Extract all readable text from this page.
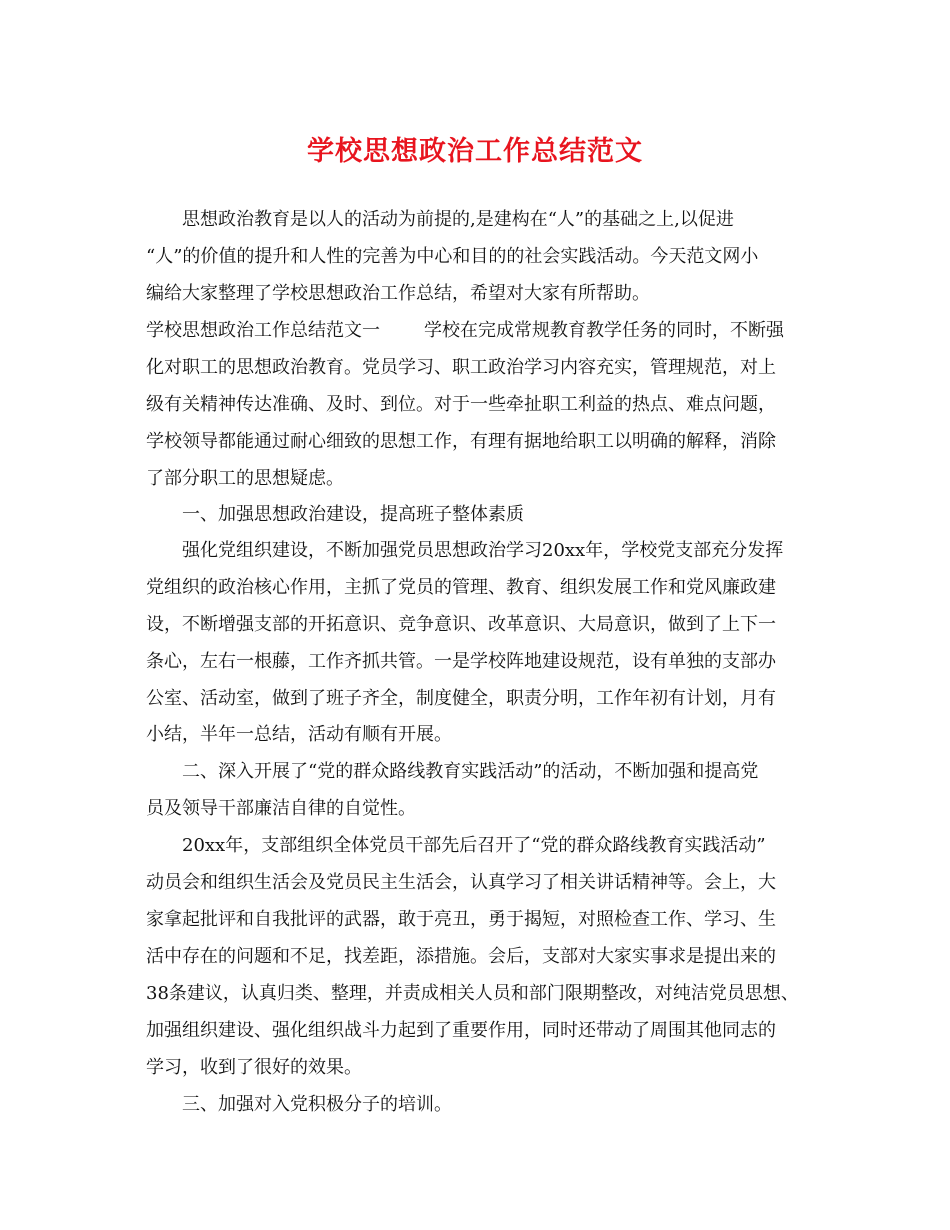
学校思想政治工作总结范文

思想政治教育是以人的活动为前提的,是建构在“人”的基础之上,以促进

“人”的价值的提升和人性的完善为中心和目的的社会实践活动。今天范文网小

编给大家整理了学校思想政治工作总结，希望对大家有所帮助。

学校思想政治工作总结范文一 学校在完成常规教育教学任务的同时，不断强

化对职工的思想政治教育。党员学习、职工政治学习内容充实，管理规范，对上

级有关精神传达准确、及时、到位。对于一些牵扯职工利益的热点、难点问题，

学校领导都能通过耐心细致的思想工作，有理有据地给职工以明确的解释，消除

了部分职工的思想疑虑。

一、加强思想政治建设，提高班子整体素质

强化党组织建设，不断加强党员思想政治学习20xx年，学校党支部充分发挥

党组织的政治核心作用，主抓了党员的管理、教育、组织发展工作和党风廉政建

设，不断增强支部的开拓意识、竞争意识、改革意识、大局意识，做到了上下一

条心，左右一根藤，工作齐抓共管。一是学校阵地建设规范，设有单独的支部办

公室、活动室，做到了班子齐全，制度健全，职责分明，工作年初有计划，月有

小结，半年一总结，活动有顺有开展。

二、深入开展了“党的群众路线教育实践活动”的活动，不断加强和提高党

员及领导干部廉洁自律的自觉性。

20xx年，支部组织全体党员干部先后召开了“党的群众路线教育实践活动”

动员会和组织生活会及党员民主生活会，认真学习了相关讲话精神等。会上，大

家拿起批评和自我批评的武器，敢于亮丑，勇于揭短，对照检查工作、学习、生

活中存在的问题和不足，找差距，添措施。会后，支部对大家实事求是提出来的

38条建议，认真归类、整理，并责成相关人员和部门限期整改，对纯洁党员思想、

加强组织建设、强化组织战斗力起到了重要作用，同时还带动了周围其他同志的

学习，收到了很好的效果。

三、加强对入党积极分子的培训。
